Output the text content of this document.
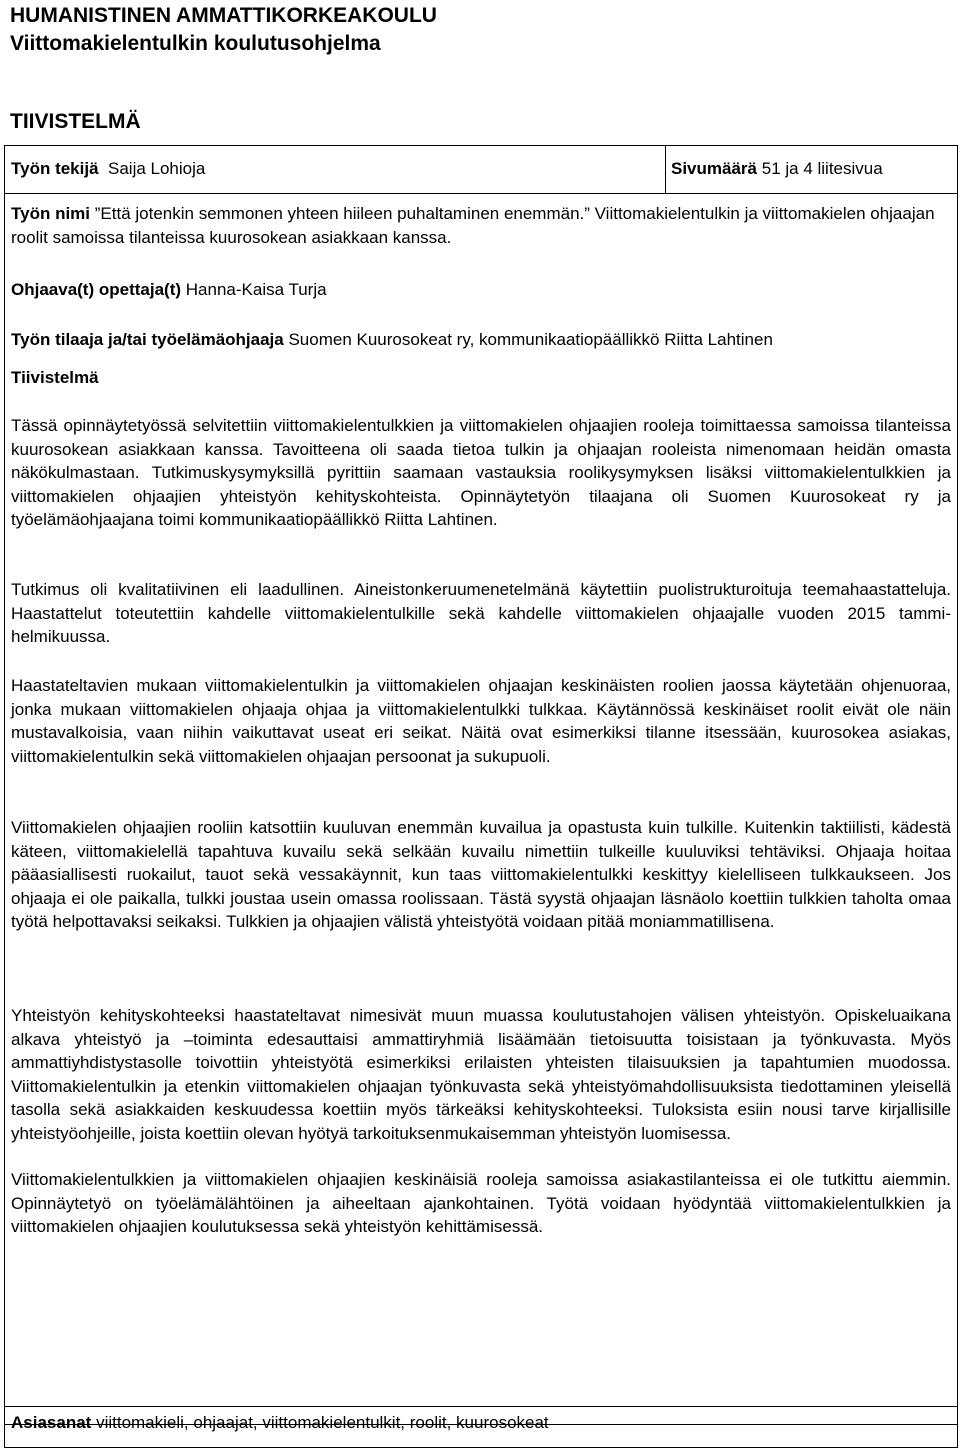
HUMANISTINEN AMMATTIKORKEAKOULU
Viittomakielentulkin koulutusohjelma
TIIVISTELMÄ
Työn tekijä Saija Lohioja	Sivumäärä 51 ja 4 liitesivua
Työn nimi ”Että jotenkin semmonen yhteen hiileen puhaltaminen enemmän.” Viittomakielentulkin ja viittomakielen ohjaajan roolit samoissa tilanteissa kuurosokean asiakkaan kanssa.
Ohjaava(t) opettaja(t) Hanna-Kaisa Turja
Työn tilaaja ja/tai työelämäohjaaja Suomen Kuurosokeat ry, kommunikaatiopäällikkö Riitta Lahtinen
Tiivistelmä
Tässä opinnäytetyössä selvitettiin viittomakielentulkkien ja viittomakielen ohjaajien rooleja toimittaessa samoissa tilanteissa kuurosokean asiakkaan kanssa. Tavoitteena oli saada tietoa tulkin ja ohjaajan rooleista nimenomaan heidän omasta näkökulmastaan. Tutkimuskysymyksillä pyrittiin saamaan vastauksia roolikysymyksen lisäksi viittomakielentulkkien ja viittomakielen ohjaajien yhteistyön kehityskohteista. Opinnäytetyön tilaajana oli Suomen Kuurosokeat ry ja työelämäohjaajana toimi kommunikaatiopäällikkö Riitta Lahtinen.
Tutkimus oli kvalitatiivinen eli laadullinen. Aineistonkeruumenetelmänä käytettiin puolistrukturoituja teemahaastatteluja. Haastattelut toteutettiin kahdelle viittomakielentulkille sekä kahdelle viittomakielen ohjaajalle vuoden 2015 tammi-helmikuussa.
Haastateltavien mukaan viittomakielentulkin ja viittomakielen ohjaajan keskinäisten roolien jaossa käytetään ohjenuoraa, jonka mukaan viittomakielen ohjaaja ohjaa ja viittomakielentulkki tulkkaa. Käytännössä keskinäiset roolit eivät ole näin mustavalkoisia, vaan niihin vaikuttavat useat eri seikat. Näitä ovat esimerkiksi tilanne itsessään, kuurosokea asiakas, viittomakielentulkin sekä viittomakielen ohjaajan persoonat ja sukupuoli.
Viittomakielen ohjaajien rooliin katsottiin kuuluvan enemmän kuvailua ja opastusta kuin tulkille. Kuitenkin taktiilisti, kädestä käteen, viittomakielellä tapahtuva kuvailu sekä selkään kuvailu nimettiin tulkeille kuuluviksi tehtäviksi. Ohjaaja hoitaa pääasiallisesti ruokailut, tauot sekä vessakäynnit, kun taas viittomakielentulkki keskittyy kielelliseen tulkkaukseen. Jos ohjaaja ei ole paikalla, tulkki joustaa usein omassa roolissaan. Tästä syystä ohjaajan läsnäolo koettiin tulkkien taholta omaa työtä helpottavaksi seikaksi. Tulkkien ja ohjaajien välistä yhteistyötä voidaan pitää moniammatillisena.
Yhteistyön kehityskohteeksi haastateltavat nimesivät muun muassa koulutustahojen välisen yhteistyön. Opiskeluaikana alkava yhteistyö ja –toiminta edesauttaisi ammattiryhmiä lisäämään tietoisuutta toisistaan ja työnkuvasta. Myös ammattiyhdistystasolle toivottiin yhteistyötä esimerkiksi erilaisten yhteisten tilaisuuksien ja tapahtumien muodossa. Viittomakielentulkin ja etenkin viittomakielen ohjaajan työnkuvasta sekä yhteistyömahdollisuuksista tiedottaminen yleisellä tasolla sekä asiakkaiden keskuudessa koettiin myös tärkeäksi kehityskohteeksi. Tuloksista esiin nousi tarve kirjallisille yhteistyöohjeille, joista koettiin olevan hyötyä tarkoituksenmukaisemman yhteistyön luomisessa.
Viittomakielentulkkien ja viittomakielen ohjaajien keskinäisiä rooleja samoissa asiakastilanteissa ei ole tutkittu aiemmin. Opinnäytetyö on työelämälähtöinen ja aiheeltaan ajankohtainen. Työtä voidaan hyödyntää viittomakielentulkkien ja viittomakielen ohjaajien koulutuksessa sekä yhteistyön kehittämisessä.
Asiasanat viittomakieli, ohjaajat, viittomakielentulkit, roolit, kuurosokeat
